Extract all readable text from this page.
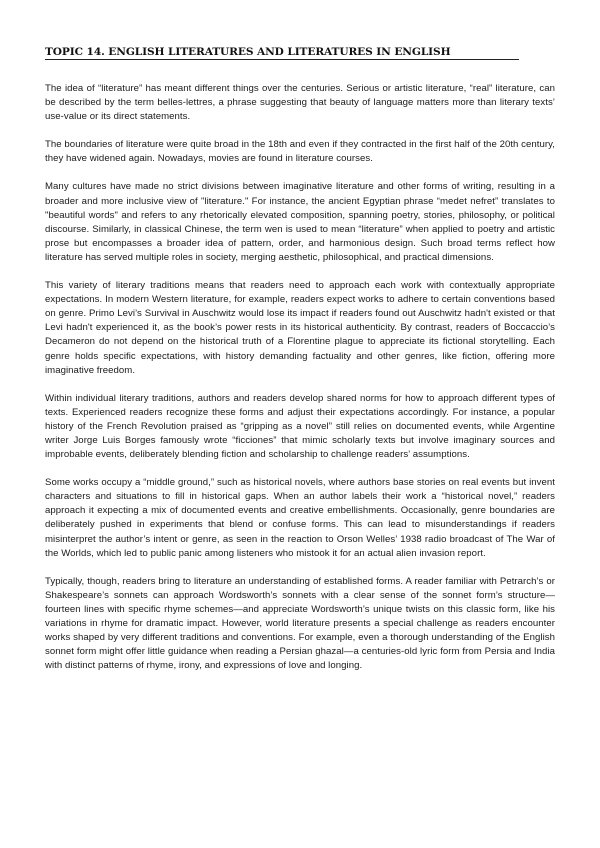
TOPIC 14. ENGLISH LITERATURES AND LITERATURES IN ENGLISH

The idea of “literature” has meant different things over the centuries. Serious or artistic literature, “real” literature, can be described by the term belles-lettres, a phrase suggesting that beauty of language matters more than literary texts’ use-value or its direct statements.

The boundaries of literature were quite broad in the 18th and even if they contracted in the first half of the 20th century, they have widened again. Nowadays, movies are found in literature courses.

Many cultures have made no strict divisions between imaginative literature and other forms of writing, resulting in a broader and more inclusive view of "literature." For instance, the ancient Egyptian phrase “medet nefret” translates to "beautiful words" and refers to any rhetorically elevated composition, spanning poetry, stories, philosophy, or political discourse. Similarly, in classical Chinese, the term wen is used to mean “literature” when applied to poetry and artistic prose but encompasses a broader idea of pattern, order, and harmonious design. Such broad terms reflect how literature has served multiple roles in society, merging aesthetic, philosophical, and practical dimensions.

This variety of literary traditions means that readers need to approach each work with contextually appropriate expectations. In modern Western literature, for example, readers expect works to adhere to certain conventions based on genre. Primo Levi’s Survival in Auschwitz would lose its impact if readers found out Auschwitz hadn't existed or that Levi hadn't experienced it, as the book’s power rests in its historical authenticity. By contrast, readers of Boccaccio’s Decameron do not depend on the historical truth of a Florentine plague to appreciate its fictional storytelling. Each genre holds specific expectations, with history demanding factuality and other genres, like fiction, offering more imaginative freedom.

Within individual literary traditions, authors and readers develop shared norms for how to approach different types of texts. Experienced readers recognize these forms and adjust their expectations accordingly. For instance, a popular history of the French Revolution praised as “gripping as a novel” still relies on documented events, while Argentine writer Jorge Luis Borges famously wrote “ficciones” that mimic scholarly texts but involve imaginary sources and improbable events, deliberately blending fiction and scholarship to challenge readers’ assumptions.

Some works occupy a “middle ground,” such as historical novels, where authors base stories on real events but invent characters and situations to fill in historical gaps. When an author labels their work a “historical novel,” readers approach it expecting a mix of documented events and creative embellishments. Occasionally, genre boundaries are deliberately pushed in experiments that blend or confuse forms. This can lead to misunderstandings if readers misinterpret the author’s intent or genre, as seen in the reaction to Orson Welles’ 1938 radio broadcast of The War of the Worlds, which led to public panic among listeners who mistook it for an actual alien invasion report.

Typically, though, readers bring to literature an understanding of established forms. A reader familiar with Petrarch’s or Shakespeare’s sonnets can approach Wordsworth’s sonnets with a clear sense of the sonnet form’s structure—fourteen lines with specific rhyme schemes—and appreciate Wordsworth’s unique twists on this classic form, like his variations in rhyme for dramatic impact. However, world literature presents a special challenge as readers encounter works shaped by very different traditions and conventions. For example, even a thorough understanding of the English sonnet form might offer little guidance when reading a Persian ghazal—a centuries-old lyric form from Persia and India with distinct patterns of rhyme, irony, and expressions of love and longing.
